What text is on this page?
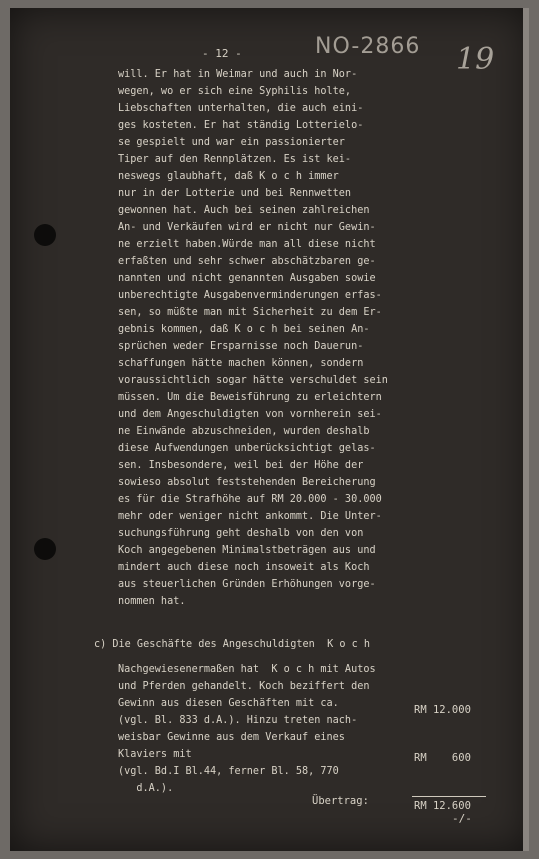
- 12 -	NO-2866 19
will. Er hat in Weimar und auch in Nor-
wegen, wo er sich eine Syphilis holte,
Liebschaften unterhalten, die auch eini-
ges kosteten. Er hat ständig Lotterielo-
se gespielt und war ein passionierter
Tiper auf den Rennplätzen. Es ist kei-
neswegs glaubhaft, daß K o c h immer
nur in der Lotterie und bei Rennwetten
gewonnen hat. Auch bei seinen zahlreichen
An- und Verkäufen wird er nicht nur Gewin-
ne erzielt haben.Würde man all diese nicht
erfaßten und sehr schwer abschätzbaren ge-
nannten und nicht genannten Ausgaben sowie
unberechtigte Ausgabenverminderungen erfas-
sen, so müßte man mit Sicherheit zu dem Er-
gebnis kommen, daß K o c h bei seinen An-
sprüchen weder Ersparnisse noch Dauerun-
schaffungen hätte machen können, sondern
voraussichtlich sogar hätte verschuldet sein
müssen. Um die Beweisführung zu erleichtern
und dem Angeschuldigten von vornherein sei-
ne Einwände abzuschneiden, wurden deshalb
diese Aufwendungen unberücksichtigt gelas-
sen. Insbesondere, weil bei der Höhe der
sowieso absolut feststehenden Bereicherung
es für die Strafhöhe auf RM 20.000 - 30.000
mehr oder weniger nicht ankommt. Die Unter-
suchungsführung geht deshalb von den von
Koch angegebenen Minimalstbeträgen aus und
mindert auch diese noch insoweit als Koch
aus steuerlichen Gründen Erhöhungen vorge-
nommen hat.
c) Die Geschäfte des Angeschuldigten  K o c h
Nachgewiesenermaßen hat  K o c h mit Autos
und Pferden gehandelt. Koch beziffert den
Gewinn aus diesen Geschäften mit ca.
(vgl. Bl. 833 d.A.). Hinzu treten nach-
weisbar Gewinne aus dem Verkauf eines
Klaviers mit
(vgl. Bd.I Bl.44, ferner Bl. 58, 770
d.A.).
RM 12.000
RM    600
Übertrag:	RM 12.600
-/-
